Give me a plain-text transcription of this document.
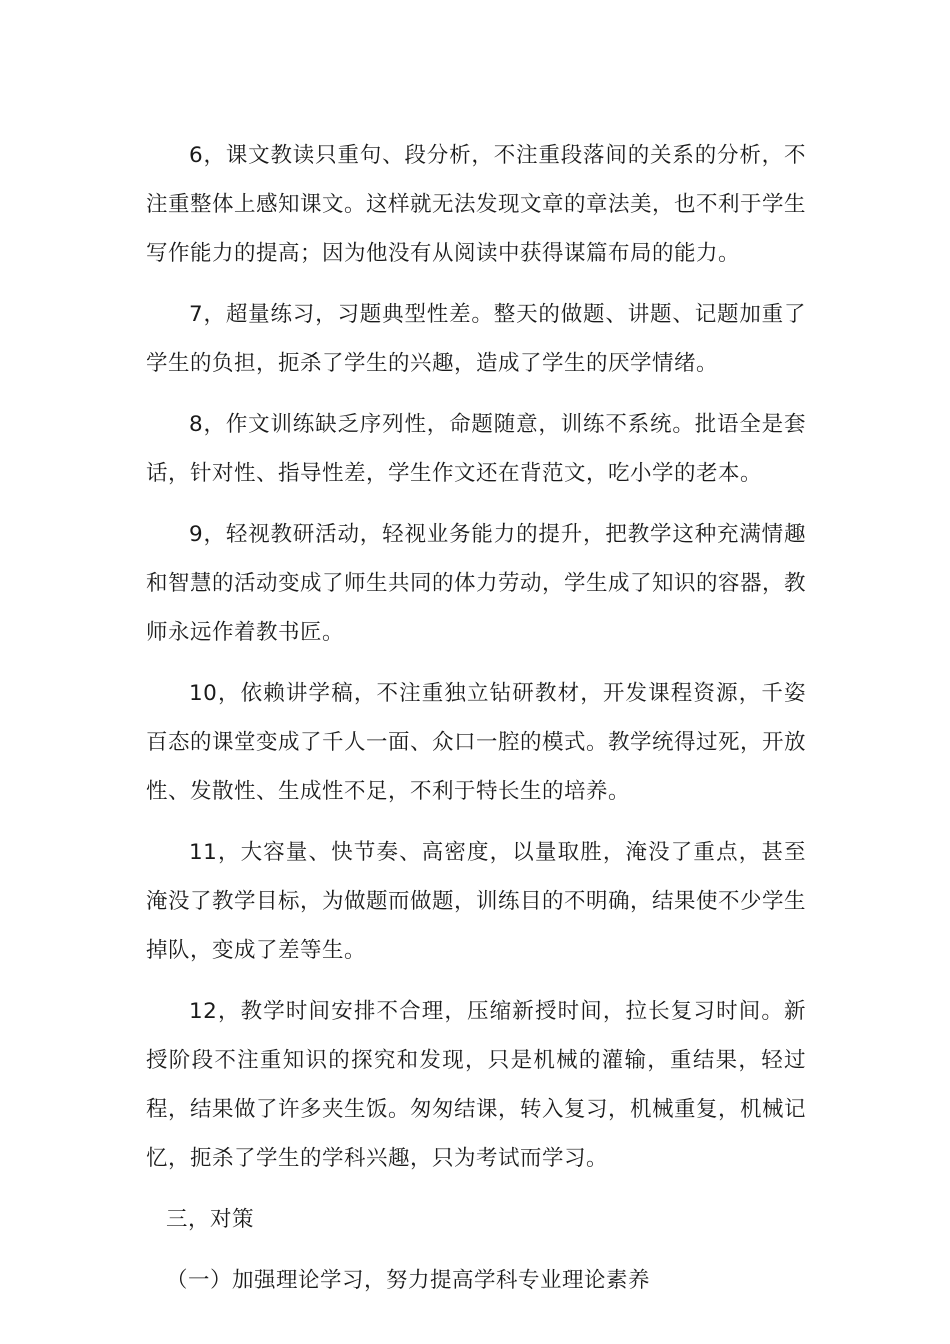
6，课文教读只重句、段分析，不注重段落间的关系的分析，不注重整体上感知课文。这样就无法发现文章的章法美，也不利于学生写作能力的提高；因为他没有从阅读中获得谋篇布局的能力。

7，超量练习，习题典型性差。整天的做题、讲题、记题加重了学生的负担，扼杀了学生的兴趣，造成了学生的厌学情绪。

8，作文训练缺乏序列性，命题随意，训练不系统。批语全是套话，针对性、指导性差，学生作文还在背范文，吃小学的老本。

9，轻视教研活动，轻视业务能力的提升，把教学这种充满情趣和智慧的活动变成了师生共同的体力劳动，学生成了知识的容器，教师永远作着教书匠。

10，依赖讲学稿，不注重独立钻研教材，开发课程资源，千姿百态的课堂变成了千人一面、众口一腔的模式。教学统得过死，开放性、发散性、生成性不足，不利于特长生的培养。

11，大容量、快节奏、高密度，以量取胜，淹没了重点，甚至淹没了教学目标，为做题而做题，训练目的不明确，结果使不少学生掉队，变成了差等生。

12，教学时间安排不合理，压缩新授时间，拉长复习时间。新授阶段不注重知识的探究和发现，只是机械的灌输，重结果，轻过程，结果做了许多夹生饭。匆匆结课，转入复习，机械重复，机械记忆，扼杀了学生的学科兴趣，只为考试而学习。

三，对策

（一）加强理论学习，努力提高学科专业理论素养
